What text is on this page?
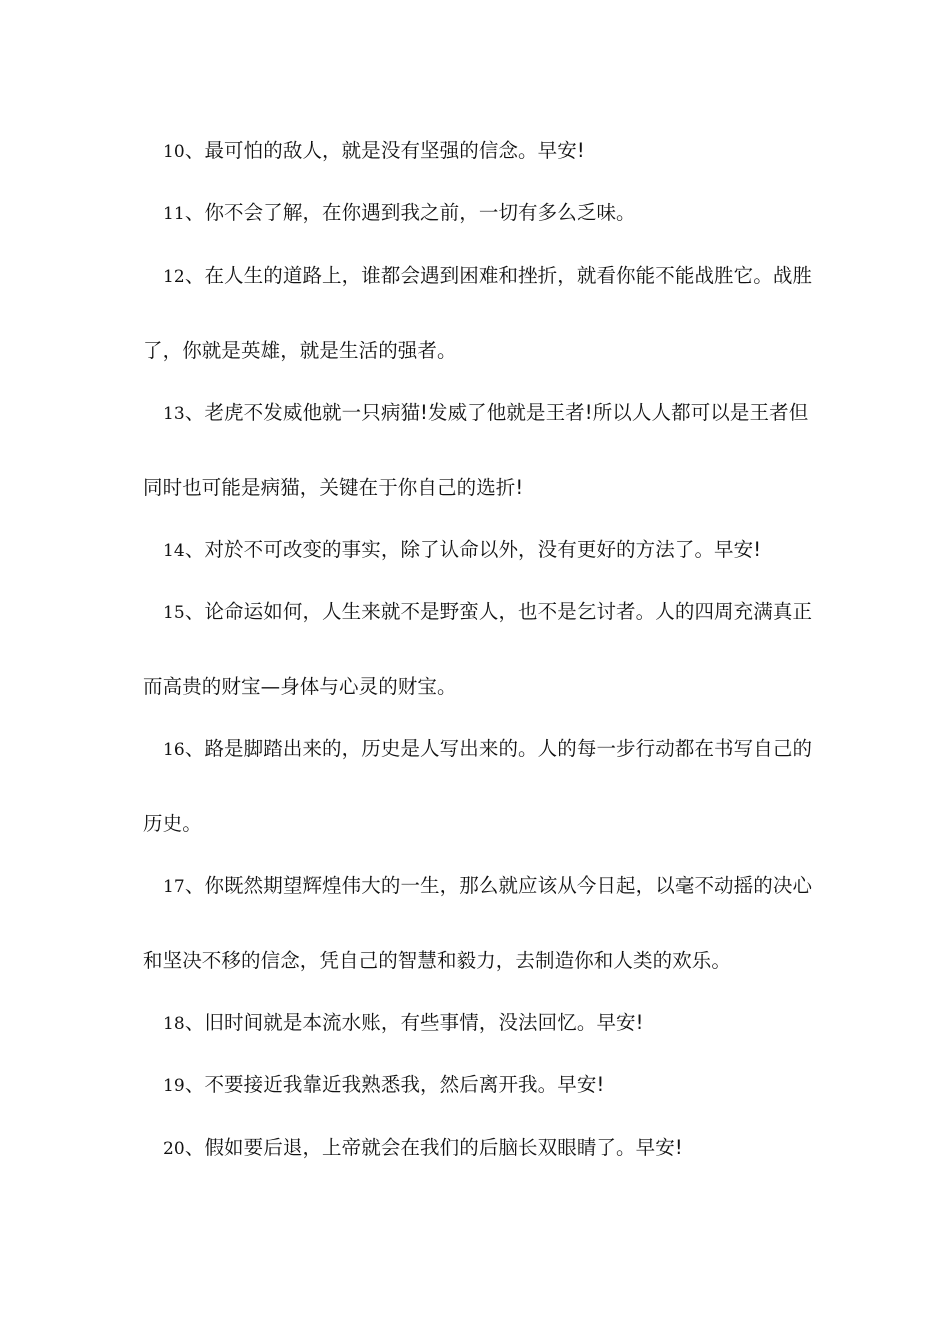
10、最可怕的敌人，就是没有坚强的信念。早安!
11、你不会了解，在你遇到我之前，一切有多么乏味。
12、在人生的道路上，谁都会遇到困难和挫折，就看你能不能战胜它。战胜
了，你就是英雄，就是生活的强者。
13、老虎不发威他就一只病猫!发威了他就是王者!所以人人都可以是王者但
同时也可能是病猫，关键在于你自己的选折!
14、对於不可改变的事实，除了认命以外，没有更好的方法了。早安!
15、论命运如何，人生来就不是野蛮人，也不是乞讨者。人的四周充满真正
而高贵的财宝—身体与心灵的财宝。
16、路是脚踏出来的，历史是人写出来的。人的每一步行动都在书写自己的
历史。
17、你既然期望辉煌伟大的一生，那么就应该从今日起，以毫不动摇的决心
和坚决不移的信念，凭自己的智慧和毅力，去制造你和人类的欢乐。
18、旧时间就是本流水账，有些事情，没法回忆。早安!
19、不要接近我靠近我熟悉我，然后离开我。早安!
20、假如要后退，上帝就会在我们的后脑长双眼睛了。早安!
